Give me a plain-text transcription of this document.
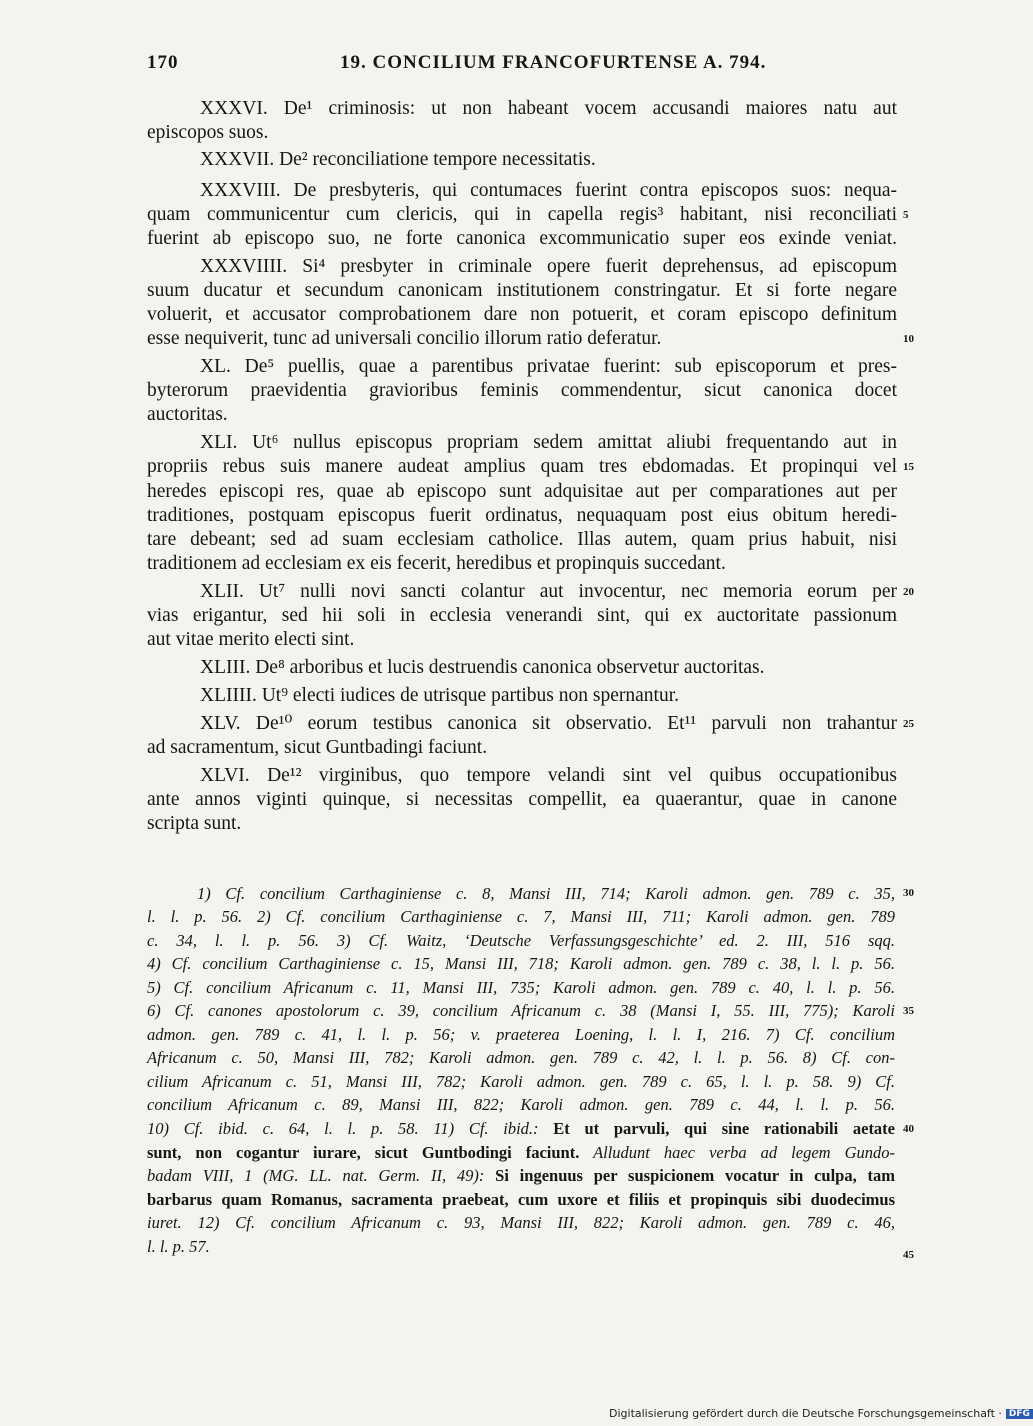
170	19. CONCILIUM FRANCOFURTENSE A. 794.
XXXVI. De¹ criminosis: ut non habeant vocem accusandi maiores natu aut
episcopos suos.
XXXVII. De² reconciliatione tempore necessitatis.
XXXVIII. De presbyteris, qui contumaces fuerint contra episcopos suos: nequa-
quam communicentur cum clericis, qui in capella regis³ habitant, nisi reconciliati
fuerint ab episcopo suo, ne forte canonica excommunicatio super eos exinde veniat.
XXXVIIII. Si⁴ presbyter in criminale opere fuerit deprehensus, ad episcopum
suum ducatur et secundum canonicam institutionem constringatur. Et si forte negare
voluerit, et accusator comprobationem dare non potuerit, et coram episcopo definitum
esse nequiverit, tunc ad universali concilio illorum ratio deferatur.
XL. De⁵ puellis, quae a parentibus privatae fuerint: sub episcoporum et pres-
byterorum praevidentia gravioribus feminis commendentur, sicut canonica docet
auctoritas.
XLI. Ut⁶ nullus episcopus propriam sedem amittat aliubi frequentando aut in
propriis rebus suis manere audeat amplius quam tres ebdomadas. Et propinqui vel
heredes episcopi res, quae ab episcopo sunt adquisitae aut per comparationes aut per
traditiones, postquam episcopus fuerit ordinatus, nequaquam post eius obitum heredi-
tare debeant; sed ad suam ecclesiam catholice. Illas autem, quam prius habuit, nisi
traditionem ad ecclesiam ex eis fecerit, heredibus et propinquis succedant.
XLII. Ut⁷ nulli novi sancti colantur aut invocentur, nec memoria eorum per
vias erigantur, sed hii soli in ecclesia venerandi sint, qui ex auctoritate passionum
aut vitae merito electi sint.
XLIII. De⁸ arboribus et lucis destruendis canonica observetur auctoritas.
XLIIII. Ut⁹ electi iudices de utrisque partibus non spernantur.
XLV. De¹⁰ eorum testibus canonica sit observatio. Et¹¹ parvuli non trahantur
ad sacramentum, sicut Guntbadingi faciunt.
XLVI. De¹² virginibus, quo tempore velandi sint vel quibus occupationibus
ante annos viginti quinque, si necessitas compellit, ea quaerantur, quae in canone
scripta sunt.
1) Cf. concilium Carthaginiense c. 8, Mansi III, 714; Karoli admon. gen. 789 c. 35,
l. l. p. 56. 2) Cf. concilium Carthaginiense c. 7, Mansi III, 711; Karoli admon. gen. 789
c. 34, l. l. p. 56. 3) Cf. Waitz, ‘Deutsche Verfassungsgeschichte’ ed. 2. III, 516 sqq.
4) Cf. concilium Carthaginiense c. 15, Mansi III, 718; Karoli admon. gen. 789 c. 38, l. l. p. 56.
5) Cf. concilium Africanum c. 11, Mansi III, 735; Karoli admon. gen. 789 c. 40, l. l. p. 56.
6) Cf. canones apostolorum c. 39, concilium Africanum c. 38 (Mansi I, 55. III, 775); Karoli
admon. gen. 789 c. 41, l. l. p. 56; v. praeterea Loening, l. l. I, 216. 7) Cf. concilium
Africanum c. 50, Mansi III, 782; Karoli admon. gen. 789 c. 42, l. l. p. 56. 8) Cf. con-
cilium Africanum c. 51, Mansi III, 782; Karoli admon. gen. 789 c. 65, l. l. p. 58. 9) Cf.
concilium Africanum c. 89, Mansi III, 822; Karoli admon. gen. 789 c. 44, l. l. p. 56.
10) Cf. ibid. c. 64, l. l. p. 58. 11) Cf. ibid.: Et ut parvuli, qui sine rationabili aetate
sunt, non cogantur iurare, sicut Guntbodingi faciunt. Alludunt haec verba ad legem Gundo-
badam VIII, 1 (MG. LL. nat. Germ. II, 49): Si ingenuus per suspicionem vocatur in culpa, tam
barbarus quam Romanus, sacramenta praebeat, cum uxore et filiis et propinquis sibi duodecimus
iuret. 12) Cf. concilium Africanum c. 93, Mansi III, 822; Karoli admon. gen. 789 c. 46,
l. l. p. 57.
5
10
15
20
25
30
35
40
45
Digitalisierung gefördert durch die Deutsche Forschungsgemeinschaft · DFG
